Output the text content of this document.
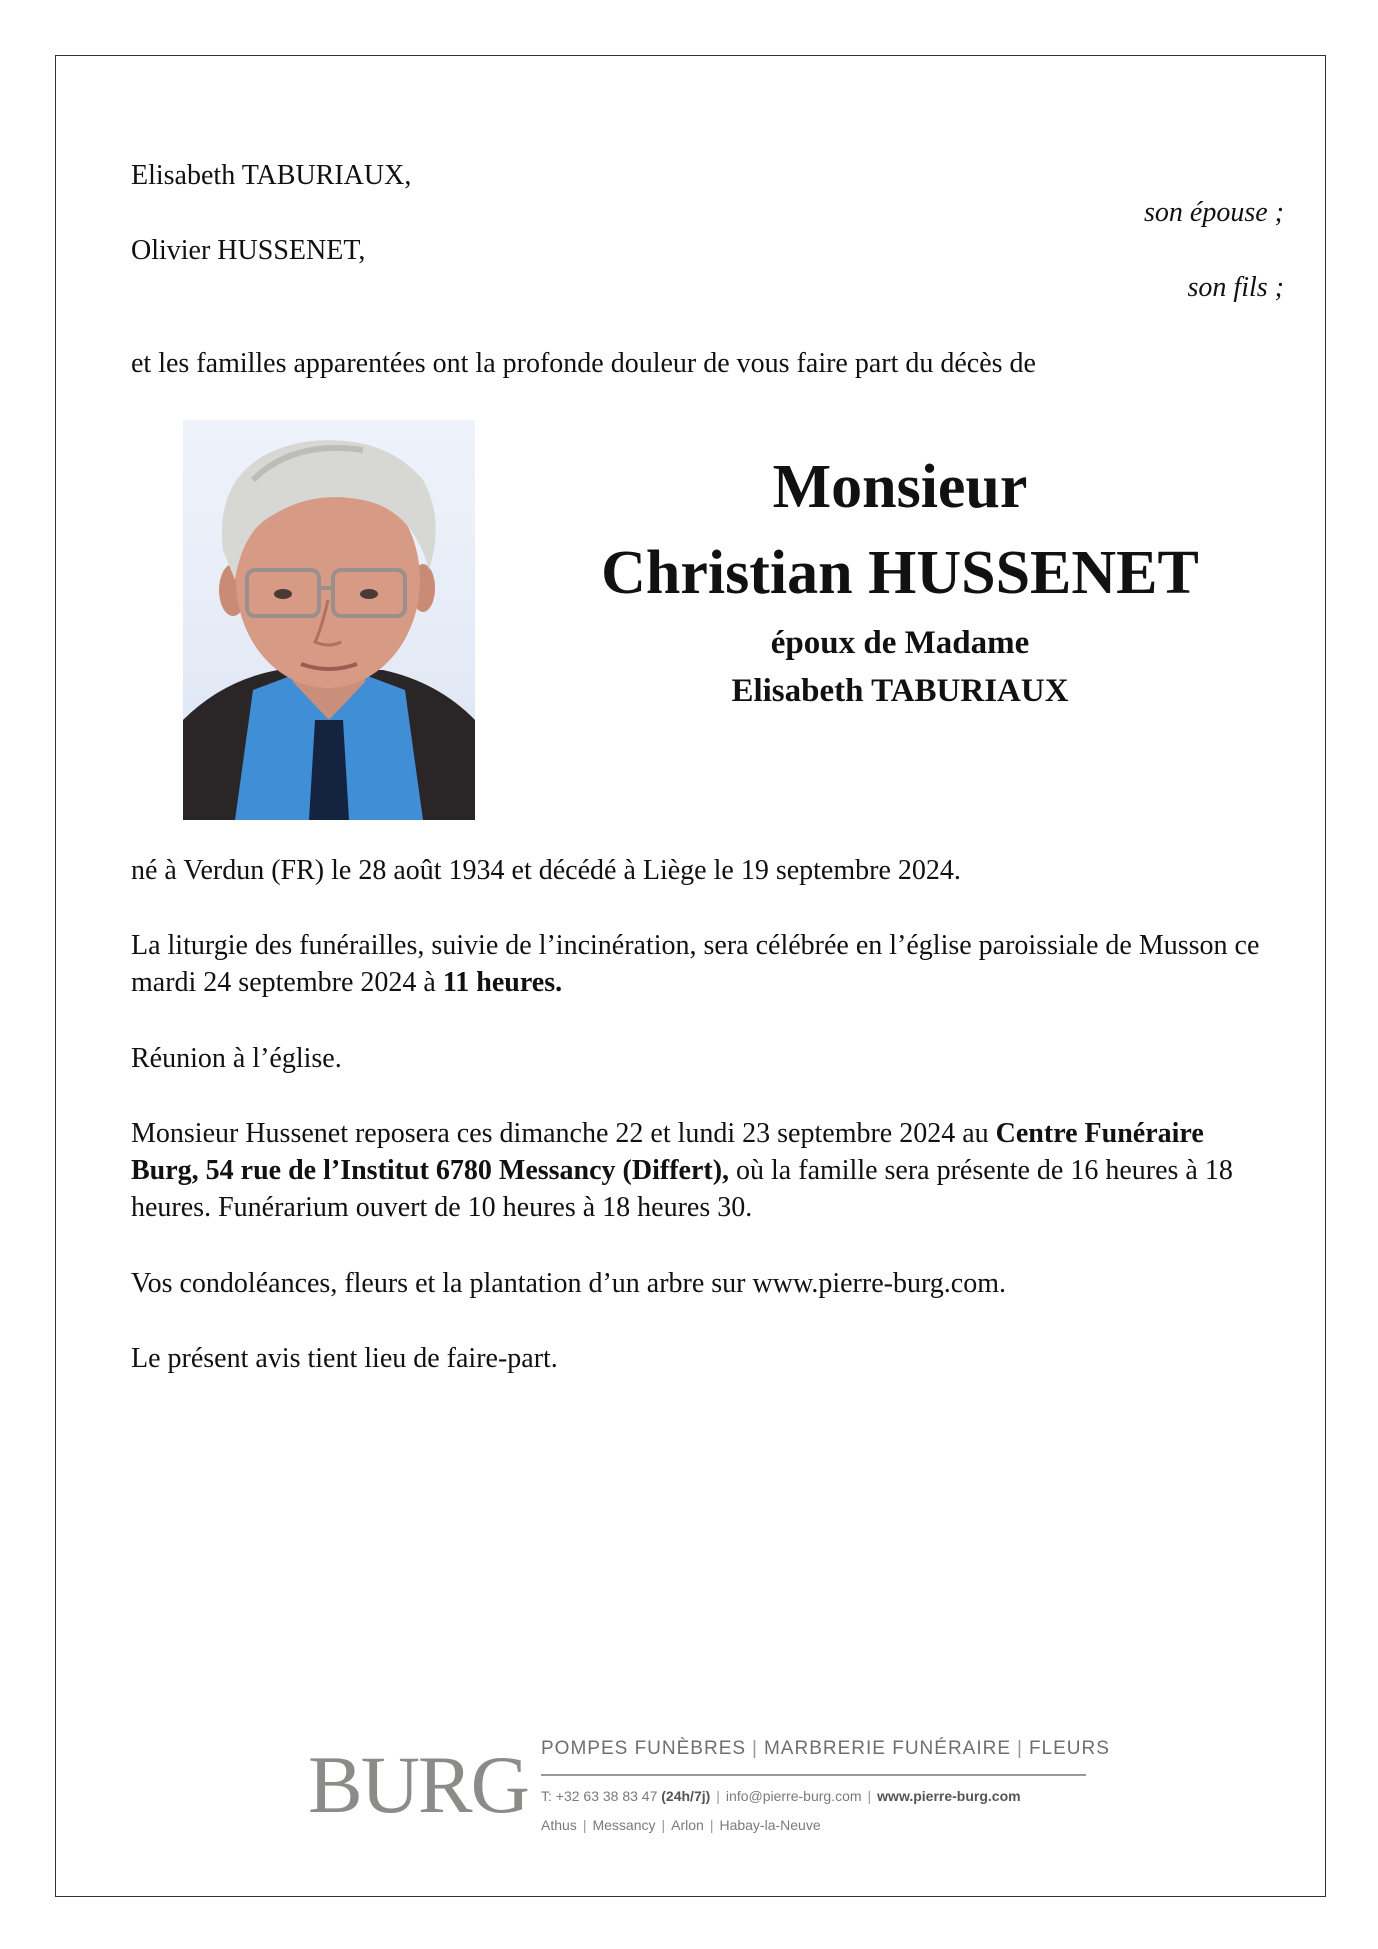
Elisabeth TABURIAUX,
son épouse ;
Olivier HUSSENET,
son fils ;
et les familles apparentées ont la profonde douleur de vous faire part du décès de
Monsieur
Christian HUSSENET
époux de Madame
Elisabeth TABURIAUX
né à Verdun (FR) le 28 août 1934 et décédé à Liège le 19 septembre 2024.
La liturgie des funérailles, suivie de l’incinération, sera célébrée en l’église paroissiale de Musson ce mardi 24 septembre 2024 à 11 heures.
Réunion à l’église.
Monsieur Hussenet reposera ces dimanche 22 et lundi 23 septembre 2024 au Centre Funéraire Burg, 54 rue de l’Institut 6780 Messancy (Differt), où la famille sera présente de 16 heures à 18 heures. Funérarium ouvert de 10 heures à 18 heures 30.
Vos condoléances, fleurs et la plantation d’un arbre sur www.pierre-burg.com.
Le présent avis tient lieu de faire-part.
BURG POMPES FUNÈBRES | MARBRERIE FUNÉRAIRE | FLEURS
T: +32 63 38 83 47 (24h/7j) | info@pierre-burg.com | www.pierre-burg.com
Athus | Messancy | Arlon | Habay-la-Neuve
